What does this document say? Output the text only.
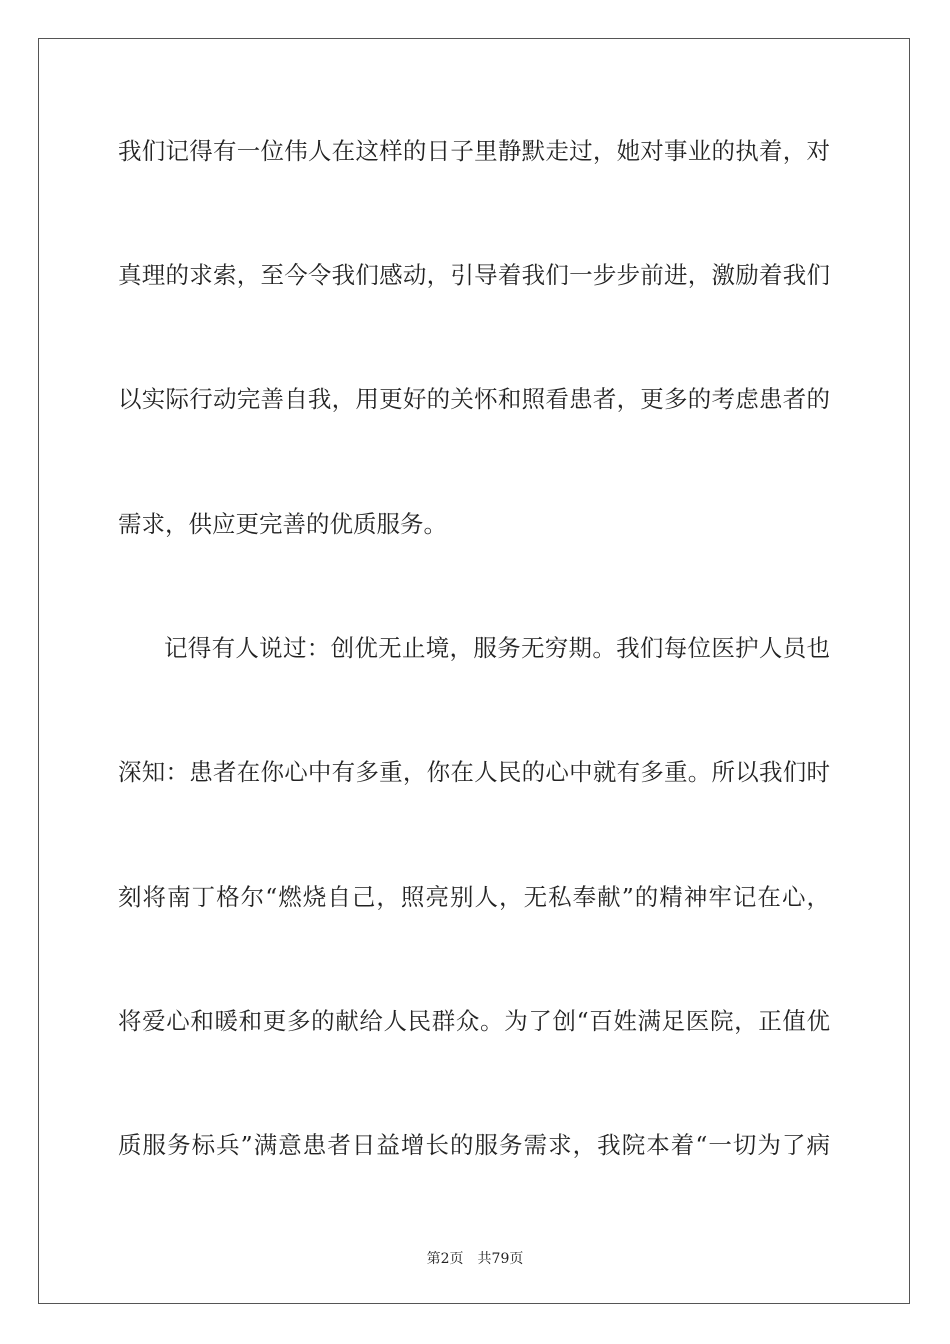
我们记得有一位伟人在这样的日子里静默走过，她对事业的执着，对
真理的求索，至今令我们感动，引导着我们一步步前进，激励着我们
以实际行动完善自我，用更好的关怀和照看患者，更多的考虑患者的
需求，供应更完善的优质服务。
记得有人说过：创优无止境，服务无穷期。我们每位医护人员也
深知：患者在你心中有多重，你在人民的心中就有多重。所以我们时
刻将南丁格尔“燃烧自己，照亮别人，无私奉献”的精神牢记在心，
将爱心和暖和更多的献给人民群众。为了创“百姓满足医院，正值优
质服务标兵”满意患者日益增长的服务需求，我院本着“一切为了病
第2页 共79页
